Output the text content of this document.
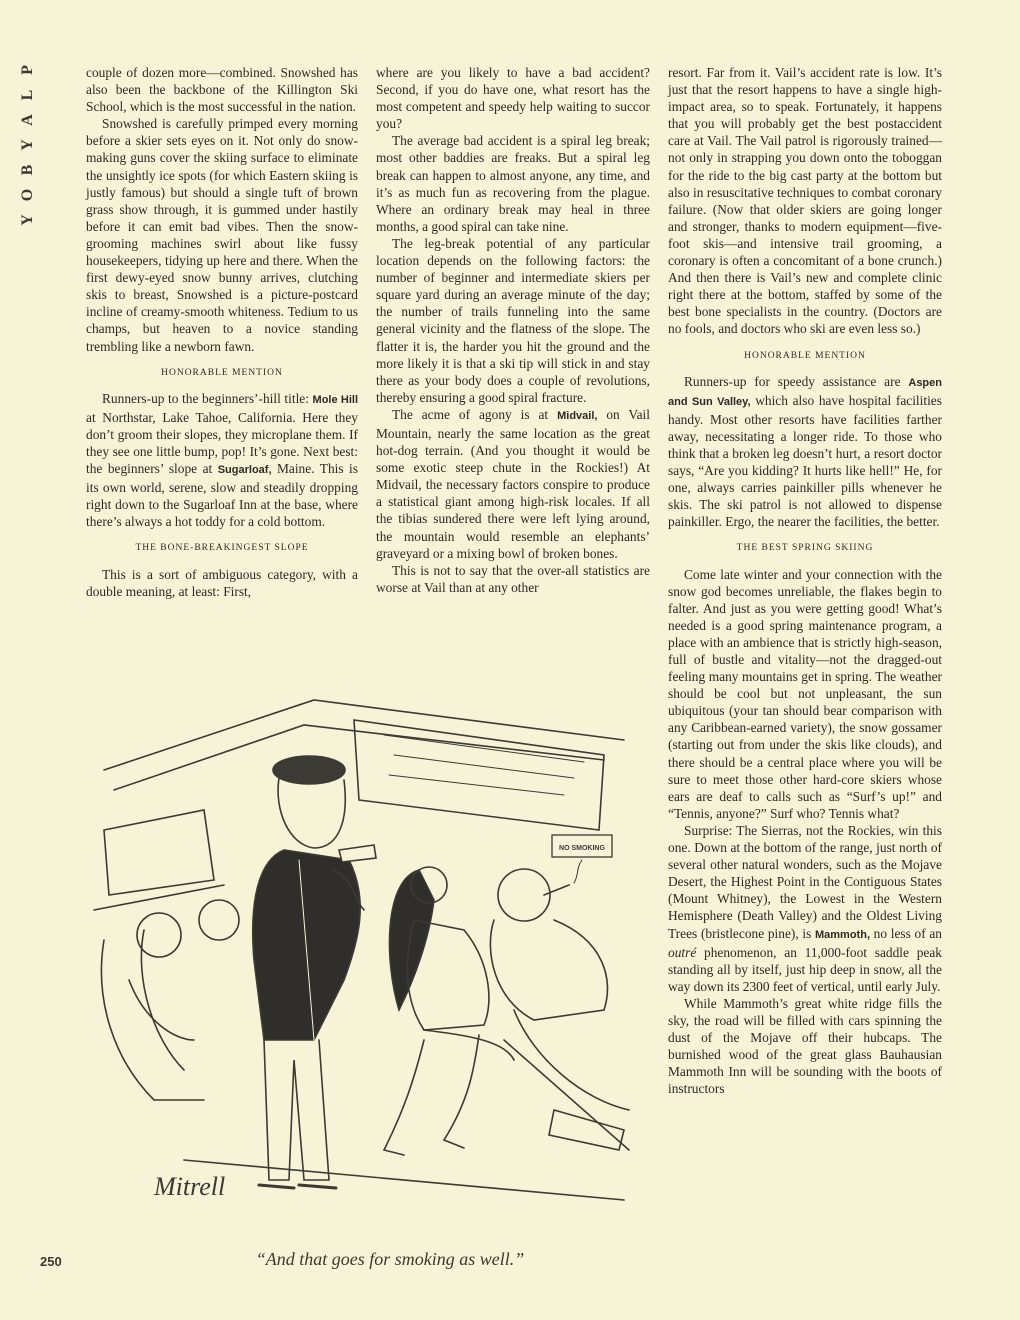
P
L
A
Y
B
O
Y

couple of dozen more—combined. Snowshed has also been the backbone of the Killington Ski School, which is the most successful in the nation.

Snowshed is carefully primped every morning before a skier sets eyes on it. Not only do snow-making guns cover the skiing surface to eliminate the unsightly ice spots (for which Eastern skiing is justly famous) but should a single tuft of brown grass show through, it is gummed under hastily before it can emit bad vibes. Then the snow-grooming machines swirl about like fussy housekeepers, tidying up here and there. When the first dewy-eyed snow bunny arrives, clutching skis to breast, Snowshed is a picture-postcard incline of creamy-smooth whiteness. Tedium to us champs, but heaven to a novice standing trembling like a newborn fawn.

HONORABLE MENTION

Runners-up to the beginners’-hill title: Mole Hill at Northstar, Lake Tahoe, California. Here they don’t groom their slopes, they microplane them. If they see one little bump, pop! It’s gone. Next best: the beginners’ slope at Sugarloaf, Maine. This is its own world, serene, slow and steadily dropping right down to the Sugarloaf Inn at the base, where there’s always a hot toddy for a cold bottom.

THE BONE-BREAKINGEST SLOPE

This is a sort of ambiguous category, with a double meaning, at least: First,

where are you likely to have a bad accident? Second, if you do have one, what resort has the most competent and speedy help waiting to succor you?

The average bad accident is a spiral leg break; most other baddies are freaks. But a spiral leg break can happen to almost anyone, any time, and it’s as much fun as recovering from the plague. Where an ordinary break may heal in three months, a good spiral can take nine.

The leg-break potential of any particular location depends on the following factors: the number of beginner and intermediate skiers per square yard during an average minute of the day; the number of trails funneling into the same general vicinity and the flatness of the slope. The flatter it is, the harder you hit the ground and the more likely it is that a ski tip will stick in and stay there as your body does a couple of revolutions, thereby ensuring a good spiral fracture.

The acme of agony is at Midvail, on Vail Mountain, nearly the same location as the great hot-dog terrain. (And you thought it would be some exotic steep chute in the Rockies!) At Midvail, the necessary factors conspire to produce a statistical giant among high-risk locales. If all the tibias sundered there were left lying around, the mountain would resemble an elephants’ graveyard or a mixing bowl of broken bones.

This is not to say that the over-all statistics are worse at Vail than at any other

resort. Far from it. Vail’s accident rate is low. It’s just that the resort happens to have a single high-impact area, so to speak. Fortunately, it happens that you will probably get the best postaccident care at Vail. The Vail patrol is rigorously trained—not only in strapping you down onto the toboggan for the ride to the big cast party at the bottom but also in resuscitative techniques to combat coronary failure. (Now that older skiers are going longer and stronger, thanks to modern equipment—five-foot skis—and intensive trail grooming, a coronary is often a concomitant of a bone crunch.) And then there is Vail’s new and complete clinic right there at the bottom, staffed by some of the best bone specialists in the country. (Doctors are no fools, and doctors who ski are even less so.)

HONORABLE MENTION

Runners-up for speedy assistance are Aspen and Sun Valley, which also have hospital facilities handy. Most other resorts have facilities farther away, necessitating a longer ride. To those who think that a broken leg doesn’t hurt, a resort doctor says, “Are you kidding? It hurts like hell!” He, for one, always carries painkiller pills whenever he skis. The ski patrol is not allowed to dispense painkiller. Ergo, the nearer the facilities, the better.

THE BEST SPRING SKIING

Come late winter and your connection with the snow god becomes unreliable, the flakes begin to falter. And just as you were getting good! What’s needed is a good spring maintenance program, a place with an ambience that is strictly high-season, full of bustle and vitality—not the dragged-out feeling many mountains get in spring. The weather should be cool but not unpleasant, the sun ubiquitous (your tan should bear comparison with any Caribbean-earned variety), the snow gossamer (starting out from under the skis like clouds), and there should be a central place where you will be sure to meet those other hard-core skiers whose ears are deaf to calls such as “Surf’s up!” and “Tennis, anyone?” Surf who? Tennis what?

Surprise: The Sierras, not the Rockies, win this one. Down at the bottom of the range, just north of several other natural wonders, such as the Mojave Desert, the Highest Point in the Contiguous States (Mount Whitney), the Lowest in the Western Hemisphere (Death Valley) and the Oldest Living Trees (bristlecone pine), is Mammoth, no less of an outré phenomenon, an 11,000-foot saddle peak standing all by itself, just hip deep in snow, all the way down its 2300 feet of vertical, until early July.

While Mammoth’s great white ridge fills the sky, the road will be filled with cars spinning the dust of the Mojave off their hubcaps. The burnished wood of the great glass Bauhausian Mammoth Inn will be sounding with the boots of instructors

NO SMOKING
Mitrell
“And that goes for smoking as well.”
250
